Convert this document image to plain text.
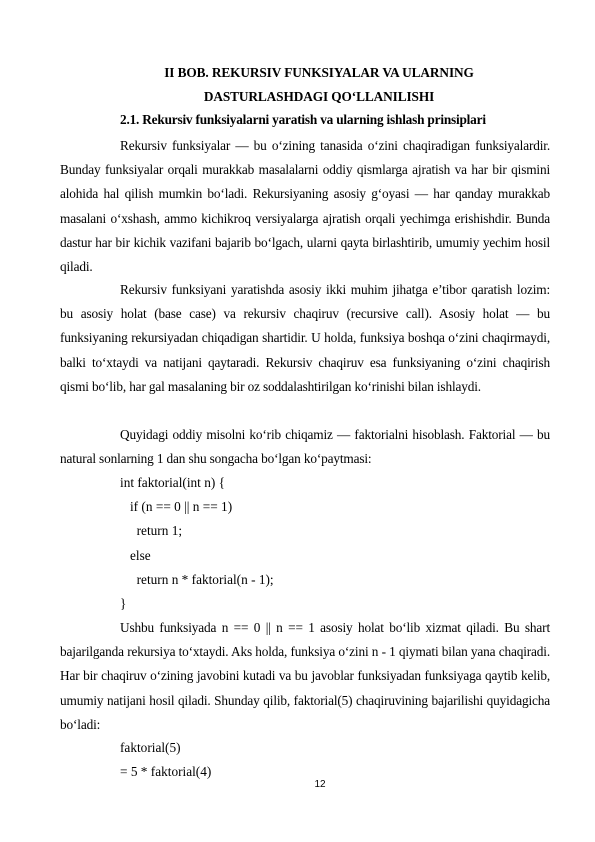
II BOB. REKURSIV FUNKSIYALAR VA ULARNING
DASTURLASHDAGI QO‘LLANILISHI
2.1. Rekursiv funksiyalarni yaratish va ularning ishlash prinsiplari

Rekursiv funksiyalar — bu o‘zining tanasida o‘zini chaqiradigan funksiyalardir. Bunday funksiyalar orqali murakkab masalalarni oddiy qismlarga ajratish va har bir qismini alohida hal qilish mumkin bo‘ladi. Rekursiyaning asosiy g‘oyasi — har qanday murakkab masalani o‘xshash, ammo kichikroq versiyalarga ajratish orqali yechimga erishishdir. Bunda dastur har bir kichik vazifani bajarib bo‘lgach, ularni qayta birlashtirib, umumiy yechim hosil qiladi.

Rekursiv funksiyani yaratishda asosiy ikki muhim jihatga e’tibor qaratish lozim: bu asosiy holat (base case) va rekursiv chaqiruv (recursive call). Asosiy holat — bu funksiyaning rekursiyadan chiqadigan shartidir. U holda, funksiya boshqa o‘zini chaqirmaydi, balki to‘xtaydi va natijani qaytaradi. Rekursiv chaqiruv esa funksiyaning o‘zini chaqirish qismi bo‘lib, har gal masalaning bir oz soddalashtirilgan ko‘rinishi bilan ishlaydi.

Quyidagi oddiy misolni ko‘rib chiqamiz — faktorialni hisoblash. Faktorial — bu natural sonlarning 1 dan shu songacha bo‘lgan ko‘paytmasi:

int faktorial(int n) {
if (n == 0 || n == 1)
return 1;
else
return n * faktorial(n - 1);
}

Ushbu funksiyada n == 0 || n == 1 asosiy holat bo‘lib xizmat qiladi. Bu shart bajarilganda rekursiya to‘xtaydi. Aks holda, funksiya o‘zini n - 1 qiymati bilan yana chaqiradi. Har bir chaqiruv o‘zining javobini kutadi va bu javoblar funksiyadan funksiyaga qaytib kelib, umumiy natijani hosil qiladi. Shunday qilib, faktorial(5) chaqiruvining bajarilishi quyidagicha bo‘ladi:

faktorial(5)
= 5 * faktorial(4)
12
